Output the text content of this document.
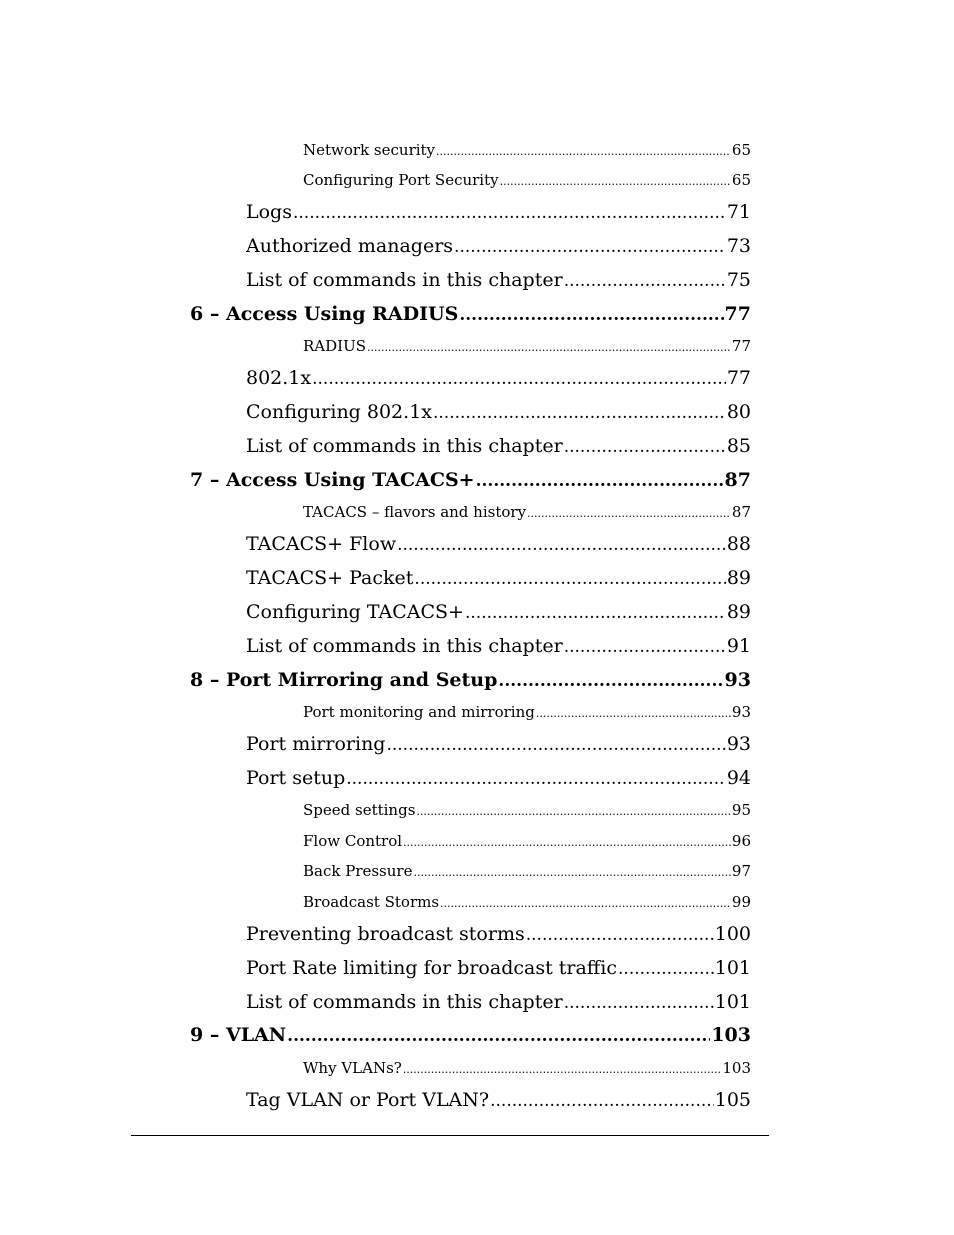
Network security .....	65
Configuring Port Security .....	65
Logs .....	71
Authorized managers .....	73
List of commands in this chapter .....	75
6 – Access Using RADIUS .....	77
RADIUS .....	77
802.1x .....	77
Configuring 802.1x .....	80
List of commands in this chapter .....	85
7 – Access Using TACACS+ .....	87
TACACS – flavors and history .....	87
TACACS+ Flow .....	88
TACACS+ Packet .....	89
Configuring TACACS+ .....	89
List of commands in this chapter .....	91
8 – Port Mirroring and Setup .....	93
Port monitoring and mirroring .....	93
Port mirroring .....	93
Port setup .....	94
Speed settings .....	95
Flow Control .....	96
Back Pressure .....	97
Broadcast Storms .....	99
Preventing broadcast storms .....	100
Port Rate limiting for broadcast traffic .....	101
List of commands in this chapter .....	101
9 – VLAN .....	103
Why VLANs? .....	103
Tag VLAN or Port VLAN? .....	105
